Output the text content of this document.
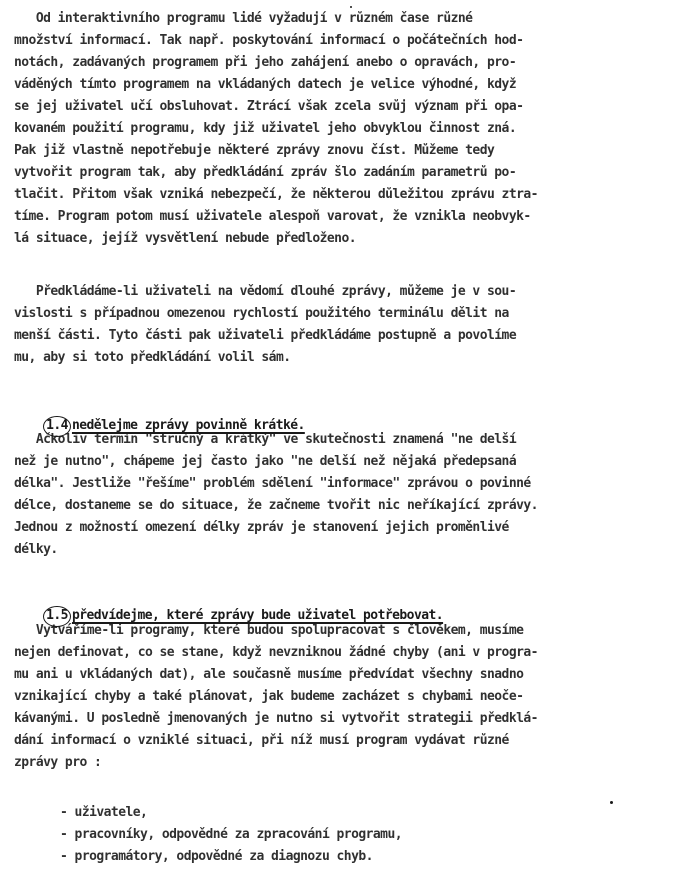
Od interaktivního programu lidé vyžadují v různém čase různé
množství informací. Tak např. poskytování informací o počátečních hod-
notách, zadávaných programem při jeho zahájení anebo o opravách, pro-
váděných tímto programem na vkládaných datech je velice výhodné, když
se jej uživatel učí obsluhovat. Ztrácí však zcela svůj význam při opa-
kovaném použití programu, kdy již uživatel jeho obvyklou činnost zná.
Pak již vlastně nepotřebuje některé zprávy znovu číst. Můžeme tedy
vytvořit program tak, aby předkládání zpráv šlo zadáním parametrů po-
tlačit. Přitom však vzniká nebezpečí, že některou důležitou zprávu ztra-
tíme. Program potom musí uživatele alespoň varovat, že vznikla neobvyk-
lá situace, jejíž vysvětlení nebude předloženo.
Předkládáme-li uživateli na vědomí dlouhé zprávy, můžeme je v sou-
vislosti s případnou omezenou rychlostí použitého terminálu dělit na
menší části. Tyto části pak uživateli předkládáme postupně a povolíme
mu, aby si toto předkládání volil sám.

1.4 nedělejme zprávy povinně krátké.

Ačkoliv termín "stručný a krátký" ve skutečnosti znamená "ne delší
než je nutno", chápeme jej často jako "ne delší než nějaká předepsaná
délka". Jestliže "řešíme" problém sdělení "informace" zprávou o povinné
délce, dostaneme se do situace, že začneme tvořit nic neříkající zprávy.
Jednou z možností omezení délky zpráv je stanovení jejich proměnlivé
délky.

1.5 předvídejme, které zprávy bude uživatel potřebovat.

Vytváříme-li programy, které budou spolupracovat s člověkem, musíme
nejen definovat, co se stane, když nevzniknou žádné chyby (ani v progra-
mu ani u vkládaných dat), ale současně musíme předvídat všechny snadno
vznikající chyby a také plánovat, jak budeme zacházet s chybami neoče-
kávanými. U posledně jmenovaných je nutno si vytvořit strategii předklá-
dání informací o vzniklé situaci, při níž musí program vydávat různé
zprávy pro :
- uživatele,
- pracovníky, odpovědné za zpracování programu,
- programátory, odpovědné za diagnozu chyb.
